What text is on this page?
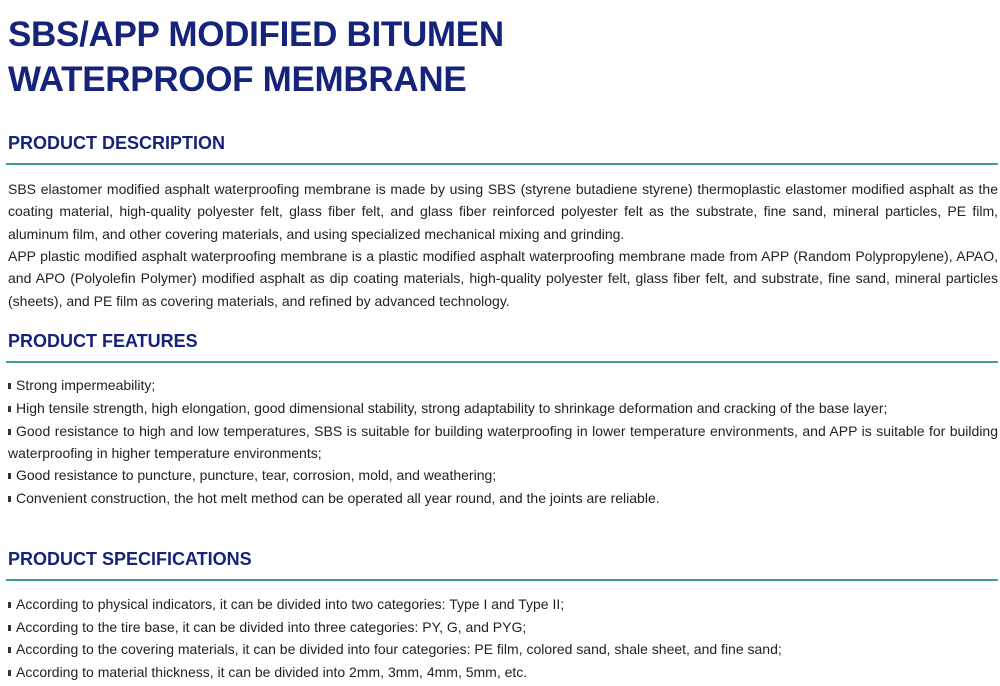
SBS/APP MODIFIED BITUMEN
WATERPROOF MEMBRANE
PRODUCT DESCRIPTION

SBS elastomer modified asphalt waterproofing membrane is made by using SBS (styrene butadiene styrene) thermoplastic elastomer modified asphalt as the coating material, high-quality polyester felt, glass fiber felt, and glass fiber reinforced polyester felt as the substrate, fine sand, mineral particles, PE film, aluminum film, and other covering materials, and using specialized mechanical mixing and grinding.

APP plastic modified asphalt waterproofing membrane is a plastic modified asphalt waterproofing membrane made from APP (Random Polypropylene), APAO, and APO (Polyolefin Polymer) modified asphalt as dip coating materials, high-quality polyester felt, glass fiber felt, and substrate, fine sand, mineral particles (sheets), and PE film as covering materials, and refined by advanced technology.

PRODUCT FEATURES

Strong impermeability;

High tensile strength, high elongation, good dimensional stability, strong adaptability to shrinkage deformation and cracking of the base layer;

Good resistance to high and low temperatures, SBS is suitable for building waterproofing in lower temperature environments, and APP is suitable for building waterproofing in higher temperature environments;

Good resistance to puncture, puncture, tear, corrosion, mold, and weathering;

Convenient construction, the hot melt method can be operated all year round, and the joints are reliable.

PRODUCT SPECIFICATIONS

According to physical indicators, it can be divided into two categories: Type I and Type II;

According to the tire base, it can be divided into three categories: PY, G, and PYG;

According to the covering materials, it can be divided into four categories: PE film, colored sand, shale sheet, and fine sand;

According to material thickness, it can be divided into 2mm, 3mm, 4mm, 5mm, etc.
